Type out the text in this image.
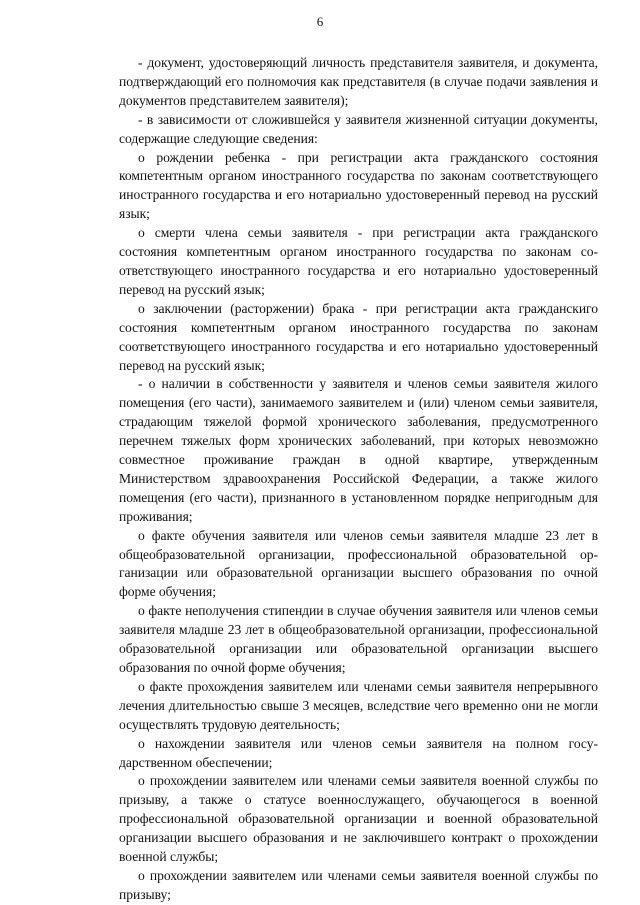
6

- документ, удостоверяющий личность представителя заявителя, и документа, подтверждающий его полномочия как представителя (в случае подачи заявления и документов представителем заявителя);

- в зависимости от сложившейся у заявителя жизненной ситуации документы, содержащие следующие сведения:

о рождении ребенка - при регистрации акта гражданского состояния компетентным органом иностранного государства по законам соответствующего иностранного государства и его нотариально удостоверенный перевод на русский язык;

о смерти члена семьи заявителя - при регистрации акта гражданского состояния компетентным органом иностранного государства по законам соответствующего иностранного государства и его нотариально удостоверенный перевод на русский язык;

о заключении (расторжении) брака - при регистрации акта гражданскиго состояния компетентным органом иностранного государства по законам соответствующего иностранного государства и его нотариально удостоверенный перевод на русский язык;

- о наличии в собственности у заявителя и членов семьи заявителя жилого помещения (его части), занимаемого заявителем и (или) членом семьи заявителя, страдающим тяжелой формой хронического заболевания, предусмотренного перечнем тяжелых форм хронических заболеваний, при которых невозможно совместное проживание граждан в одной квартире, утвержденным Министерством здравоохранения Российской Федерации, а также жилого помещения (его части), признанного в установленном порядке непригодным для проживания;

о факте обучения заявителя или членов семьи заявителя младше 23 лет в общеобразовательной организации, профессиональной образовательной организации или образовательной организации высшего образования по очной форме обучения;

о факте неполучения стипендии в случае обучения заявителя или членов семьи заявителя младше 23 лет в общеобразовательной организации, профессиональной образовательной организации или образовательной организации высшего образования по очной форме обучения;

о факте прохождения заявителем или членами семьи заявителя непрерывного лечения длительностью свыше 3 месяцев, вследствие чего временно они не могли осуществлять трудовую деятельность;

о нахождении заявителя или членов семьи заявителя на полном государственном обеспечении;

о прохождении заявителем или членами семьи заявителя военной службы по призыву, а также о статусе военнослужащего, обучающегося в военной профессиональной образовательной организации и военной образовательной организации высшего образования и не заключившего контракт о прохождении военной службы;

о прохождении заявителем или членами семьи заявителя военной службы по призыву;
